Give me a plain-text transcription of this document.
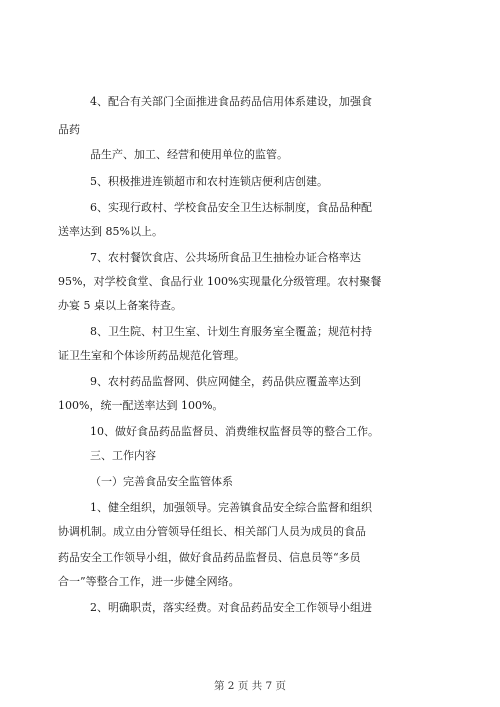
4、配合有关部门全面推进食品药品信用体系建设，加强食
品药
品生产、加工、经营和使用单位的监管。
5、积极推进连锁超市和农村连锁店便利店创建。
6、实现行政村、学校食品安全卫生达标制度，食品品种配
送率达到 85%以上。
7、农村餐饮食店、公共场所食品卫生抽检办证合格率达
95%，对学校食堂、食品行业 100%实现量化分级管理。农村聚餐
办宴 5 桌以上备案待查。
8、卫生院、村卫生室、计划生育服务室全覆盖；规范村持
证卫生室和个体诊所药品规范化管理。
9、农村药品监督网、供应网健全，药品供应覆盖率达到
100%，统一配送率达到 100%。
10、做好食品药品监督员、消费维权监督员等的整合工作。
三、工作内容
（一）完善食品安全监管体系
1、健全组织，加强领导。完善镇食品安全综合监督和组织
协调机制。成立由分管领导任组长、相关部门人员为成员的食品
药品安全工作领导小组，做好食品药品监督员、信息员等“多员
合一”等整合工作，进一步健全网络。
2、明确职责，落实经费。对食品药品安全工作领导小组进
第 2 页 共 7 页
